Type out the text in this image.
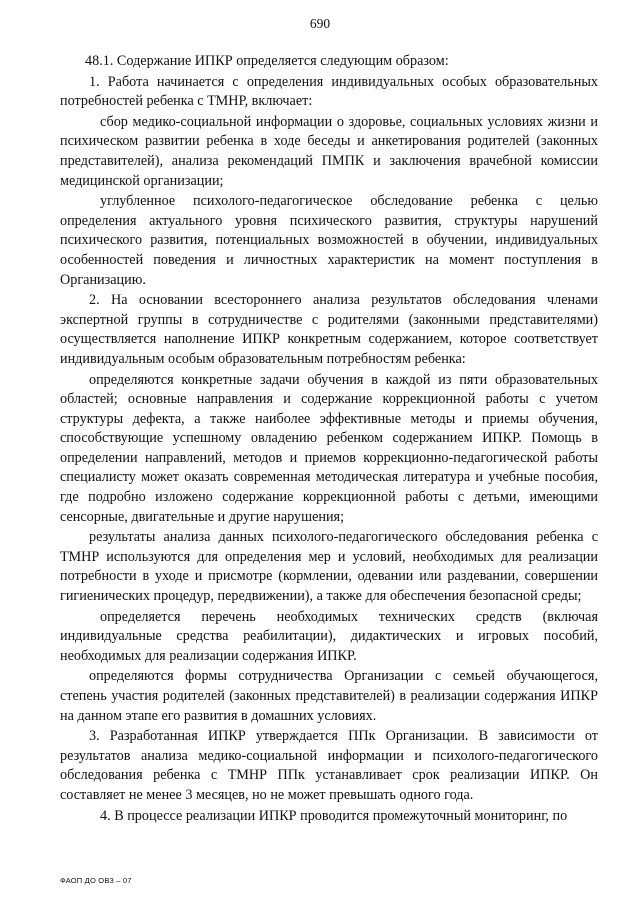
690

48.1. Содержание ИПКР определяется следующим образом:

1. Работа начинается с определения индивидуальных особых образовательных потребностей ребенка с ТМНР, включает:

сбор медико-социальной информации о здоровье, социальных условиях жизни и психическом развитии ребенка в ходе беседы и анкетирования родителей (законных представителей), анализа рекомендаций ПМПК и заключения врачебной комиссии медицинской организации;

углубленное психолого-педагогическое обследование ребенка с целью определения актуального уровня психического развития, структуры нарушений психического развития, потенциальных возможностей в обучении, индивидуальных особенностей поведения и личностных характеристик на момент поступления в Организацию.

2. На основании всестороннего анализа результатов обследования членами экспертной группы в сотрудничестве с родителями (законными представителями) осуществляется наполнение ИПКР конкретным содержанием, которое соответствует индивидуальным особым образовательным потребностям ребенка:

определяются конкретные задачи обучения в каждой из пяти образовательных областей; основные направления и содержание коррекционной работы с учетом структуры дефекта, а также наиболее эффективные методы и приемы обучения, способствующие успешному овладению ребенком содержанием ИПКР. Помощь в определении направлений, методов и приемов коррекционно-педагогической работы специалисту может оказать современная методическая литература и учебные пособия, где подробно изложено содержание коррекционной работы с детьми, имеющими сенсорные, двигательные и другие нарушения;

результаты анализа данных психолого-педагогического обследования ребенка с ТМНР используются для определения мер и условий, необходимых для реализации потребности в уходе и присмотре (кормлении, одевании или раздевании, совершении гигиенических процедур, передвижении), а также для обеспечения безопасной среды;

определяется перечень необходимых технических средств (включая индивидуальные средства реабилитации), дидактических и игровых пособий, необходимых для реализации содержания ИПКР.

определяются формы сотрудничества Организации с семьей обучающегося, степень участия родителей (законных представителей) в реализации содержания ИПКР на данном этапе его развития в домашних условиях.

3. Разработанная ИПКР утверждается ППк Организации. В зависимости от результатов анализа медико-социальной информации и психолого-педагогического обследования ребенка с ТМНР ППк устанавливает срок реализации ИПКР. Он составляет не менее 3 месяцев, но не может превышать одного года.

4. В процессе реализации ИПКР проводится промежуточный мониторинг, по

ФАОП ДО ОВЗ – 07
